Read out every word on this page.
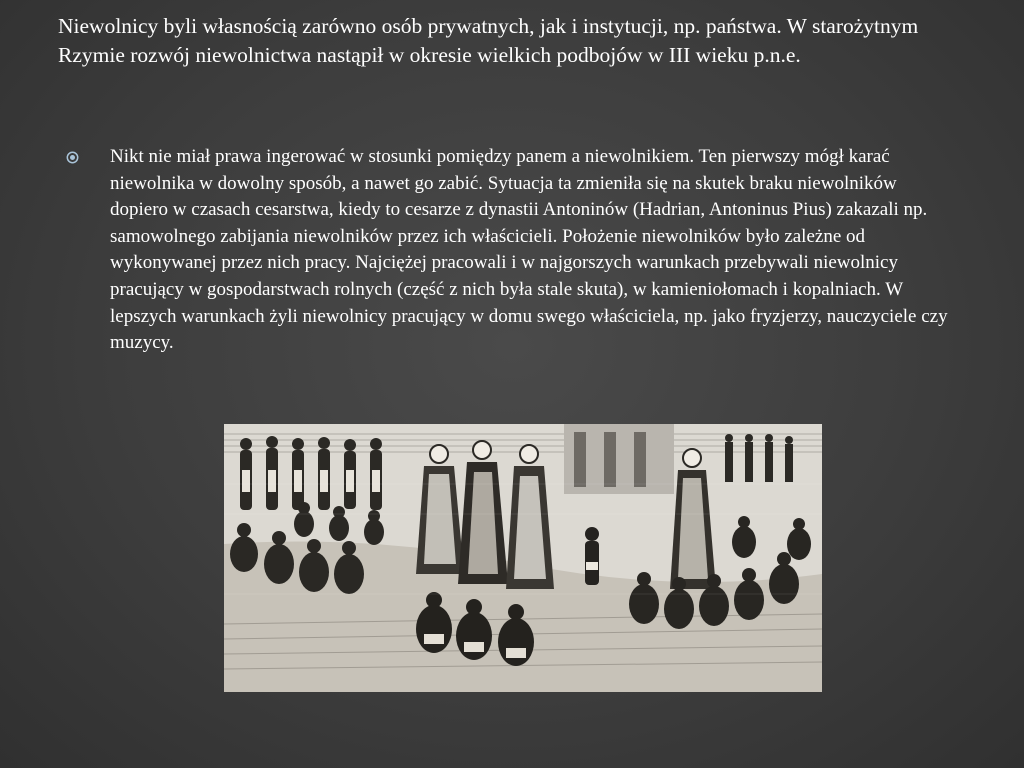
Niewolnicy byli własnością zarówno osób prywatnych, jak i instytucji, np. państwa. W starożytnym Rzymie rozwój niewolnictwa nastąpił w okresie wielkich podbojów w III wieku p.n.e.

Nikt nie miał prawa ingerować w stosunki pomiędzy panem a niewolnikiem. Ten pierwszy mógł karać niewolnika w dowolny sposób, a nawet go zabić. Sytuacja ta zmieniła się na skutek braku niewolników dopiero w czasach cesarstwa, kiedy to cesarze z dynastii Antoninów (Hadrian, Antoninus Pius) zakazali np. samowolnego zabijania niewolników przez ich właścicieli. Położenie niewolników było zależne od wykonywanej przez nich pracy. Najciężej pracowali i w najgorszych warunkach przebywali niewolnicy pracujący w gospodarstwach rolnych (część z nich była stale skuta), w kamieniołomach i kopalniach. W lepszych warunkach żyli niewolnicy pracujący w domu swego właściciela, np. jako fryzjerzy, nauczyciele czy muzycy.
